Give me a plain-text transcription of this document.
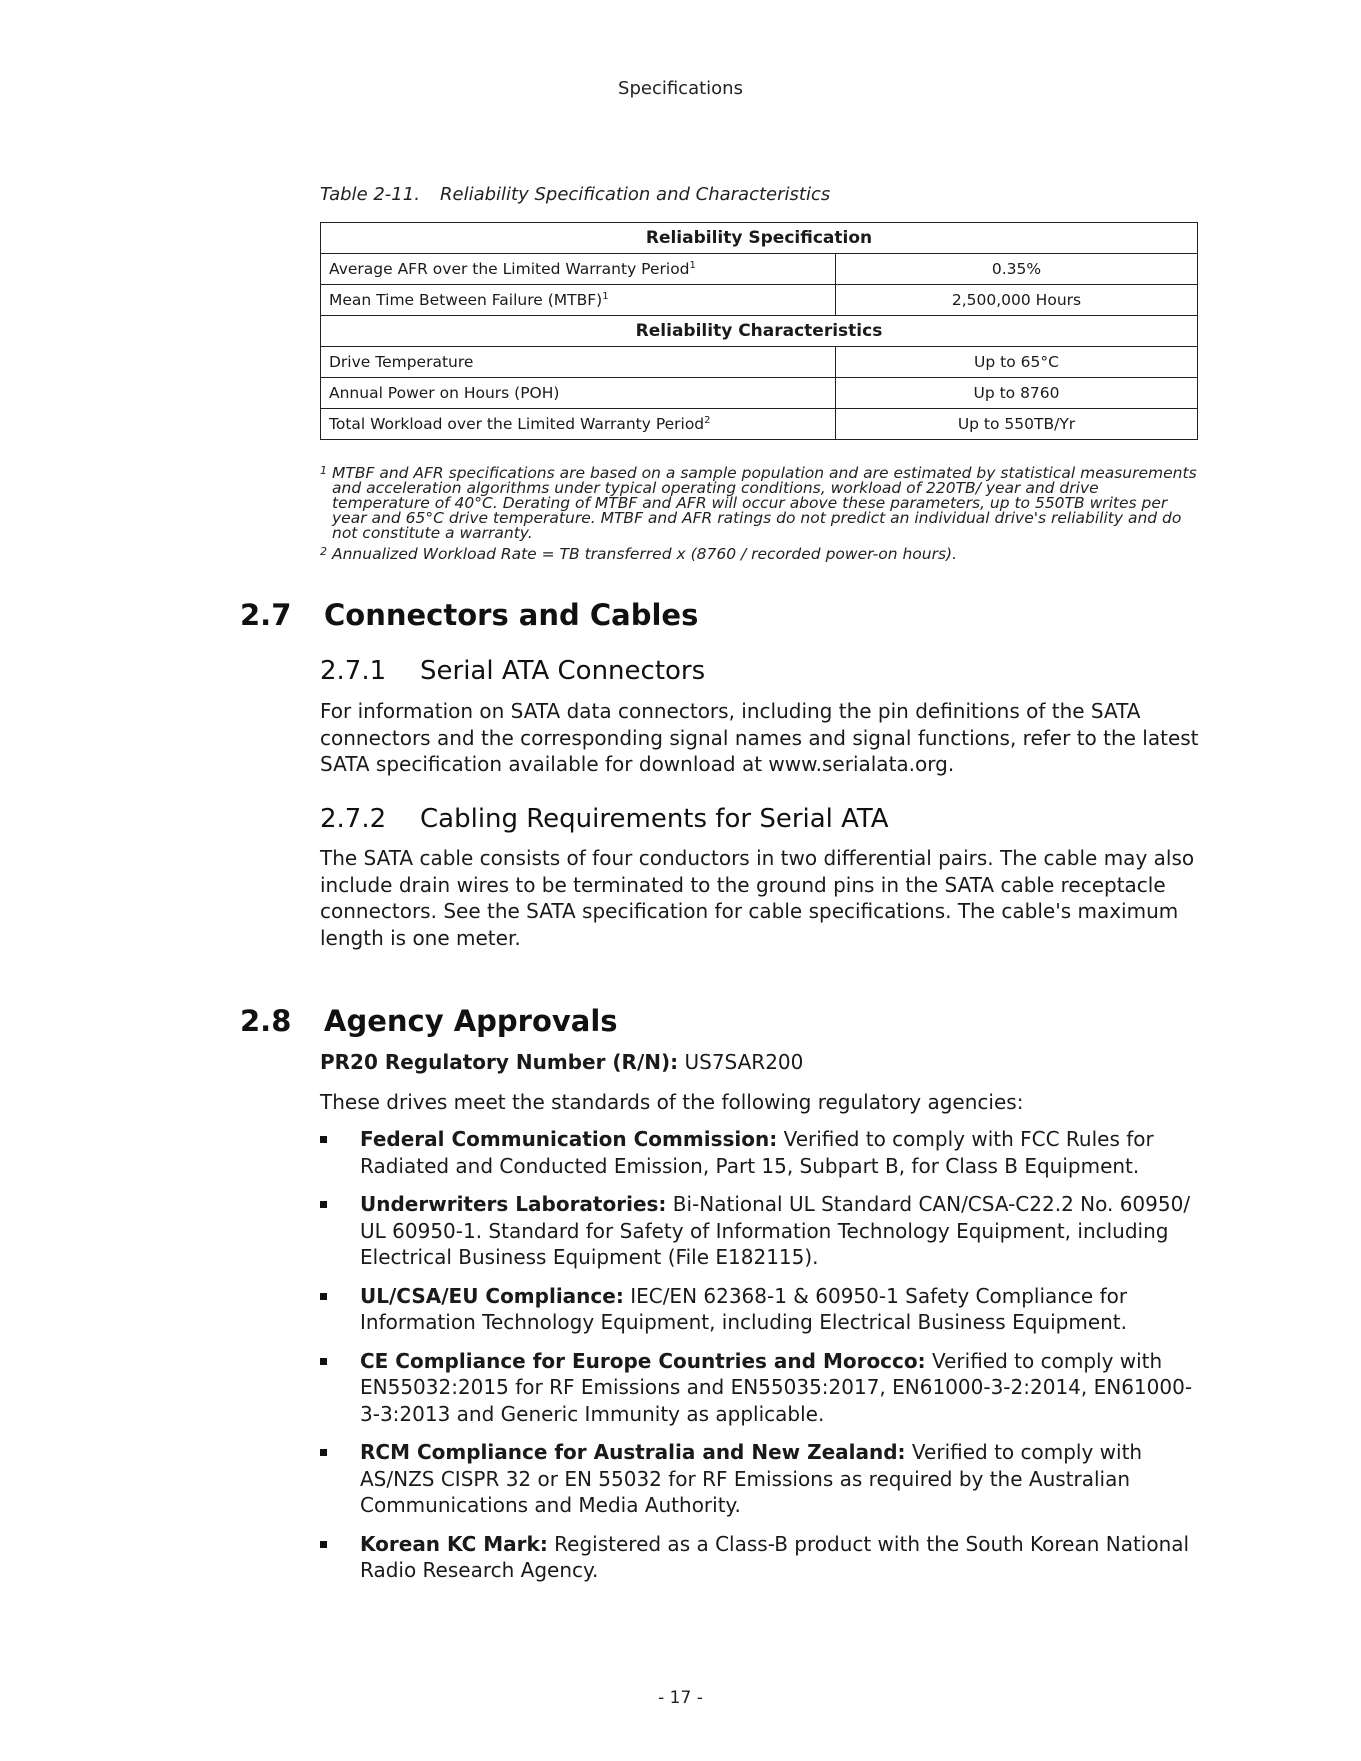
Specifications
Table 2-11. Reliability Specification and Characteristics
Reliability Specification	
Average AFR over the Limited Warranty Period$^1$	0.35%
Mean Time Between Failure (MTBF)$^1$	2,500,000 Hours
Reliability Characteristics	
Drive Temperature	Up to 65°C
Annual Power on Hours (POH)	Up to 8760
Total Workload over the Limited Warranty Period$^2$	Up to 550TB/Yr
1 MTBF and AFR specifications are based on a sample population and are estimated by statistical measurements and acceleration algorithms under typical operating conditions, workload of 220TB/ year and drive temperature of 40°C. Derating of MTBF and AFR will occur above these parameters, up to 550TB writes per year and 65°C drive temperature. MTBF and AFR ratings do not predict an individual drive's reliability and do not constitute a warranty.
2 Annualized Workload Rate = TB transferred x (8760 / recorded power-on hours).
2.7 Connectors and Cables
2.7.1 Serial ATA Connectors
For information on SATA data connectors, including the pin definitions of the SATA connectors and the corresponding signal names and signal functions, refer to the latest SATA specification available for download at www.serialata.org.
2.7.2 Cabling Requirements for Serial ATA
The SATA cable consists of four conductors in two differential pairs. The cable may also include drain wires to be terminated to the ground pins in the SATA cable receptacle connectors. See the SATA specification for cable specifications. The cable's maximum length is one meter.
2.8 Agency Approvals
PR20 Regulatory Number (R/N): US7SAR200
These drives meet the standards of the following regulatory agencies:
Federal Communication Commission: Verified to comply with FCC Rules for Radiated and Conducted Emission, Part 15, Subpart B, for Class B Equipment.
Underwriters Laboratories: Bi-National UL Standard CAN/CSA-C22.2 No. 60950/ UL 60950-1. Standard for Safety of Information Technology Equipment, including Electrical Business Equipment (File E182115).
UL/CSA/EU Compliance: IEC/EN 62368-1 & 60950-1 Safety Compliance for Information Technology Equipment, including Electrical Business Equipment.
CE Compliance for Europe Countries and Morocco: Verified to comply with EN55032:2015 for RF Emissions and EN55035:2017, EN61000-3-2:2014, EN61000-3-3:2013 and Generic Immunity as applicable.
RCM Compliance for Australia and New Zealand: Verified to comply with AS/NZS CISPR 32 or EN 55032 for RF Emissions as required by the Australian Communications and Media Authority.
Korean KC Mark: Registered as a Class-B product with the South Korean National Radio Research Agency.
- 17 -
